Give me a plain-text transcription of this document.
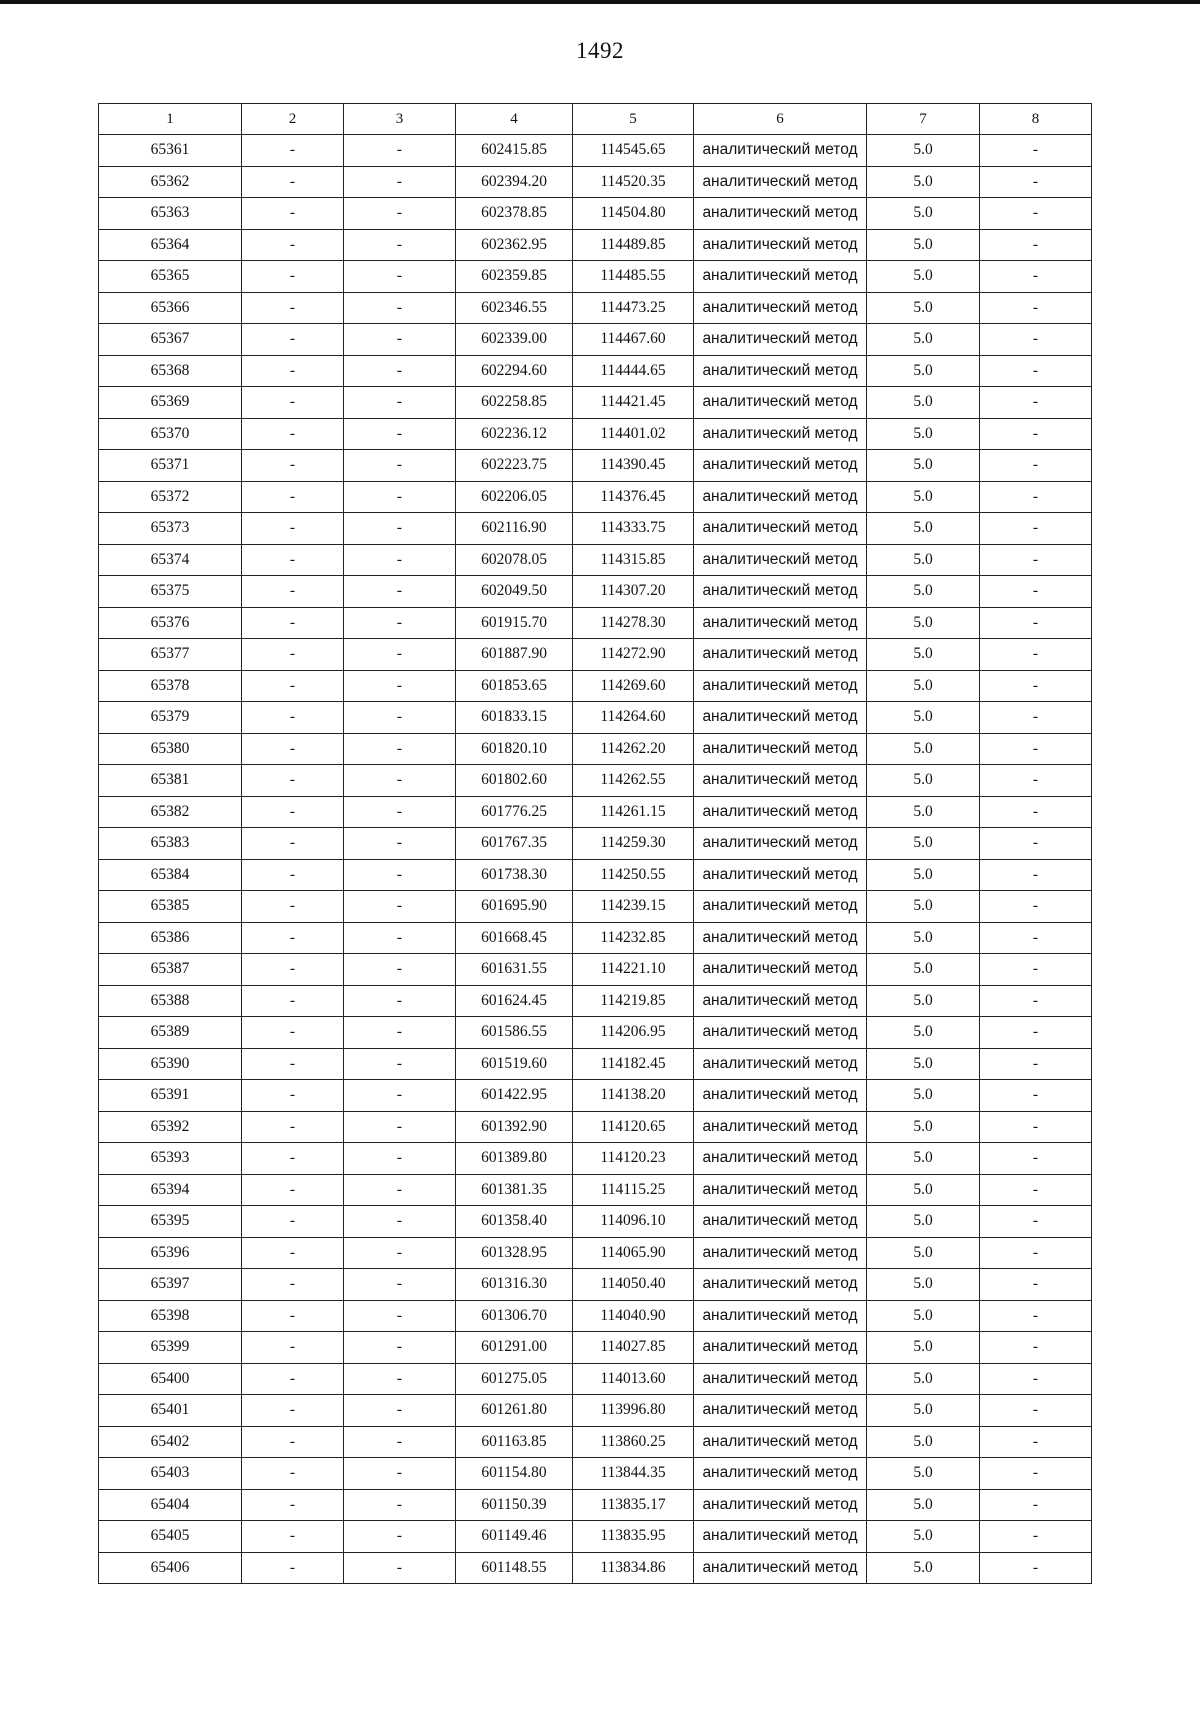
1492
1	2	3	4	5	6	7	8
65361	-	-	602415.85	114545.65	аналитический метод	5.0	-
65362	-	-	602394.20	114520.35	аналитический метод	5.0	-
65363	-	-	602378.85	114504.80	аналитический метод	5.0	-
65364	-	-	602362.95	114489.85	аналитический метод	5.0	-
65365	-	-	602359.85	114485.55	аналитический метод	5.0	-
65366	-	-	602346.55	114473.25	аналитический метод	5.0	-
65367	-	-	602339.00	114467.60	аналитический метод	5.0	-
65368	-	-	602294.60	114444.65	аналитический метод	5.0	-
65369	-	-	602258.85	114421.45	аналитический метод	5.0	-
65370	-	-	602236.12	114401.02	аналитический метод	5.0	-
65371	-	-	602223.75	114390.45	аналитический метод	5.0	-
65372	-	-	602206.05	114376.45	аналитический метод	5.0	-
65373	-	-	602116.90	114333.75	аналитический метод	5.0	-
65374	-	-	602078.05	114315.85	аналитический метод	5.0	-
65375	-	-	602049.50	114307.20	аналитический метод	5.0	-
65376	-	-	601915.70	114278.30	аналитический метод	5.0	-
65377	-	-	601887.90	114272.90	аналитический метод	5.0	-
65378	-	-	601853.65	114269.60	аналитический метод	5.0	-
65379	-	-	601833.15	114264.60	аналитический метод	5.0	-
65380	-	-	601820.10	114262.20	аналитический метод	5.0	-
65381	-	-	601802.60	114262.55	аналитический метод	5.0	-
65382	-	-	601776.25	114261.15	аналитический метод	5.0	-
65383	-	-	601767.35	114259.30	аналитический метод	5.0	-
65384	-	-	601738.30	114250.55	аналитический метод	5.0	-
65385	-	-	601695.90	114239.15	аналитический метод	5.0	-
65386	-	-	601668.45	114232.85	аналитический метод	5.0	-
65387	-	-	601631.55	114221.10	аналитический метод	5.0	-
65388	-	-	601624.45	114219.85	аналитический метод	5.0	-
65389	-	-	601586.55	114206.95	аналитический метод	5.0	-
65390	-	-	601519.60	114182.45	аналитический метод	5.0	-
65391	-	-	601422.95	114138.20	аналитический метод	5.0	-
65392	-	-	601392.90	114120.65	аналитический метод	5.0	-
65393	-	-	601389.80	114120.23	аналитический метод	5.0	-
65394	-	-	601381.35	114115.25	аналитический метод	5.0	-
65395	-	-	601358.40	114096.10	аналитический метод	5.0	-
65396	-	-	601328.95	114065.90	аналитический метод	5.0	-
65397	-	-	601316.30	114050.40	аналитический метод	5.0	-
65398	-	-	601306.70	114040.90	аналитический метод	5.0	-
65399	-	-	601291.00	114027.85	аналитический метод	5.0	-
65400	-	-	601275.05	114013.60	аналитический метод	5.0	-
65401	-	-	601261.80	113996.80	аналитический метод	5.0	-
65402	-	-	601163.85	113860.25	аналитический метод	5.0	-
65403	-	-	601154.80	113844.35	аналитический метод	5.0	-
65404	-	-	601150.39	113835.17	аналитический метод	5.0	-
65405	-	-	601149.46	113835.95	аналитический метод	5.0	-
65406	-	-	601148.55	113834.86	аналитический метод	5.0	-
